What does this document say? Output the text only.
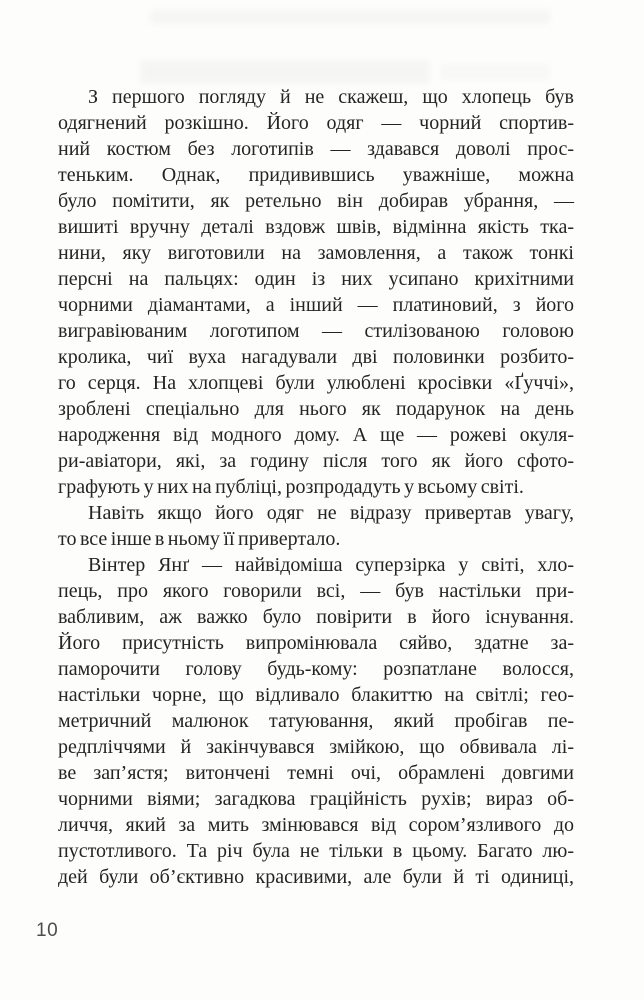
З першого погляду й не скажеш, що хлопець був
одягнений розкішно. Його одяг — чорний спортив-
ний костюм без логотипів — здавався доволі прос-
теньким. Однак, придивившись уважніше, можна
було помітити, як ретельно він добирав убрання, —
вишиті вручну деталі вздовж швів, відмінна якість тка-
нини, яку виготовили на замовлення, а також тонкі
персні на пальцях: один із них усипано крихітними
чорними діамантами, а інший — платиновий, з його
вигравіюваним логотипом — стилізованою головою
кролика, чиї вуха нагадували дві половинки розбито-
го серця. На хлопцеві були улюблені кросівки «Ґуччі»,
зроблені спеціально для нього як подарунок на день
народження від модного дому. А ще — рожеві окуля-
ри-авіатори, які, за годину після того як його сфото-
графують у них на публіці, розпродадуть у всьому світі.
Навіть якщо його одяг не відразу привертав увагу,
то все інше в ньому її привертало.
Вінтер Янґ — найвідоміша суперзірка у світі, хло-
пець, про якого говорили всі, — був настільки при-
вабливим, аж важко було повірити в його існування.
Його присутність випромінювала сяйво, здатне за-
паморочити голову будь-кому: розпатлане волосся,
настільки чорне, що відливало блакиттю на світлі; гео-
метричний малюнок татуювання, який пробігав пе-
редпліччями й закінчувався змійкою, що обвивала лі-
ве зап’ястя; витончені темні очі, обрамлені довгими
чорними віями; загадкова граційність рухів; вираз об-
личчя, який за мить змінювався від сором’язливого до
пустотливого. Та річ була не тільки в цьому. Багато лю-
дей були об’єктивно красивими, але були й ті одиниці,
10
